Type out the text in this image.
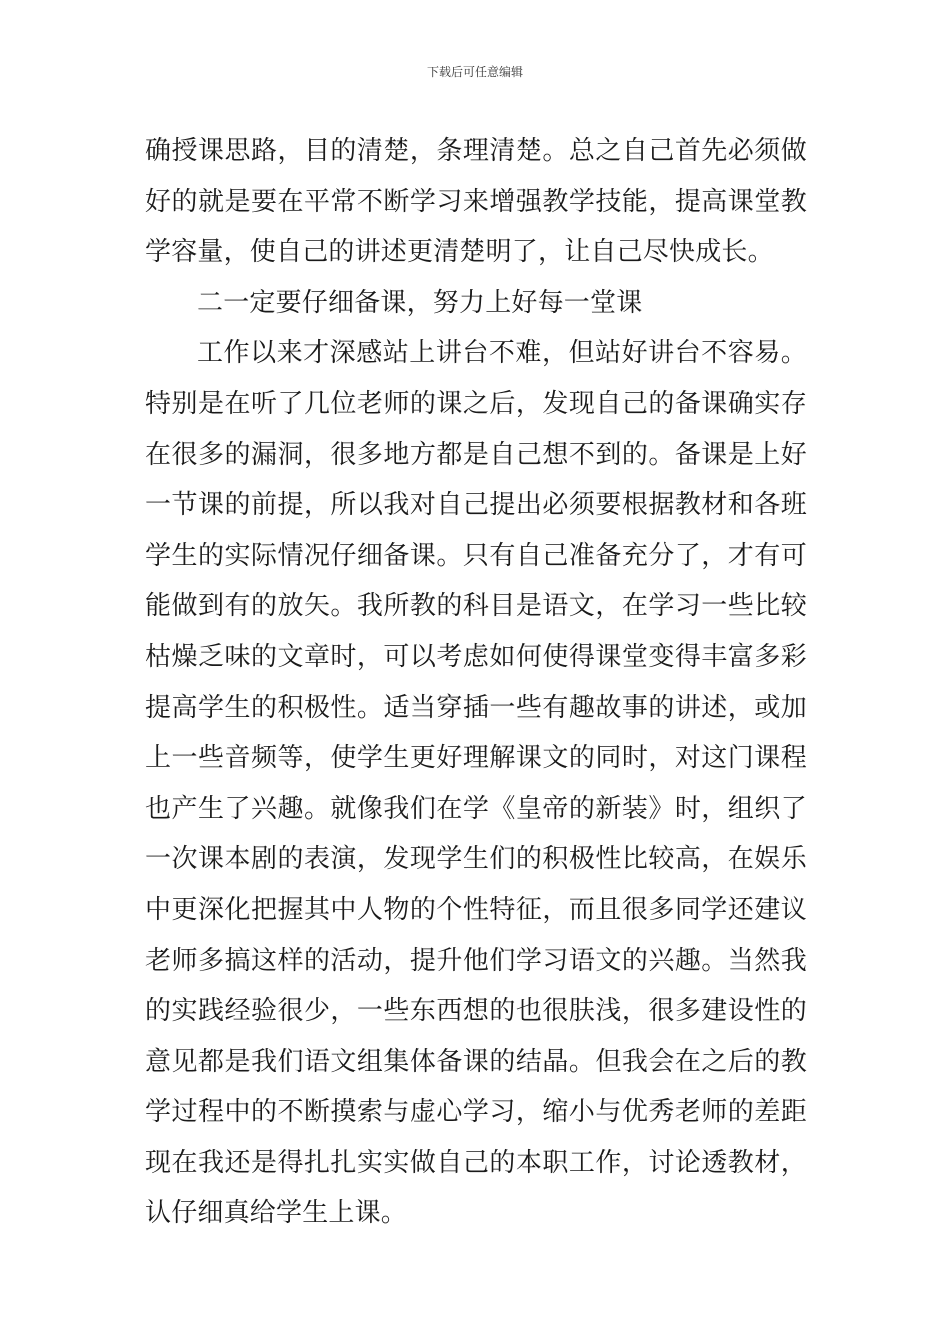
下载后可任意编辑
确授课思路，目的清楚，条理清楚。总之自己首先必须做
好的就是要在平常不断学习来增强教学技能，提高课堂教
学容量，使自己的讲述更清楚明了，让自己尽快成长。
二一定要仔细备课，努力上好每一堂课
工作以来才深感站上讲台不难，但站好讲台不容易。
特别是在听了几位老师的课之后，发现自己的备课确实存
在很多的漏洞，很多地方都是自己想不到的。备课是上好
一节课的前提，所以我对自己提出必须要根据教材和各班
学生的实际情况仔细备课。只有自己准备充分了，才有可
能做到有的放矢。我所教的科目是语文，在学习一些比较
枯燥乏味的文章时，可以考虑如何使得课堂变得丰富多彩
提高学生的积极性。适当穿插一些有趣故事的讲述，或加
上一些音频等，使学生更好理解课文的同时，对这门课程
也产生了兴趣。就像我们在学《皇帝的新装》时，组织了
一次课本剧的表演，发现学生们的积极性比较高，在娱乐
中更深化把握其中人物的个性特征，而且很多同学还建议
老师多搞这样的活动，提升他们学习语文的兴趣。当然我
的实践经验很少，一些东西想的也很肤浅，很多建设性的
意见都是我们语文组集体备课的结晶。但我会在之后的教
学过程中的不断摸索与虚心学习，缩小与优秀老师的差距
现在我还是得扎扎实实做自己的本职工作，讨论透教材，
认仔细真给学生上课。
